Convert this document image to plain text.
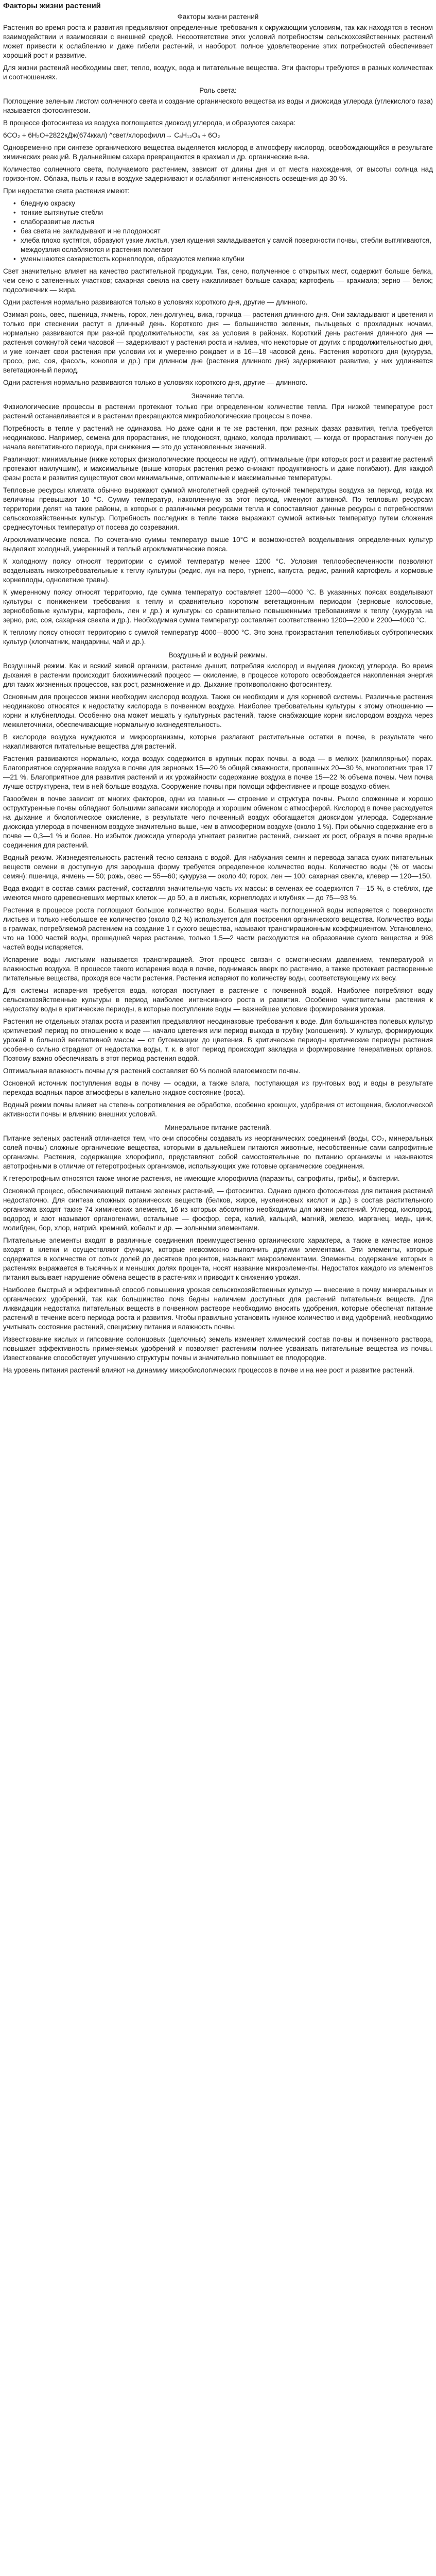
Факторы жизни растений
Факторы жизни растений

Растения во время роста и развития предъявляют определенные требования к окружающим условиям, так как находятся в тесном взаимодействии и взаимосвязи с внешней средой. Несоответствие этих условий потребностям сельскохозяйственных растений может привести к ослаблению и даже гибели растений, и наоборот, полное удовлетворение этих потребностей обеспечивает хороший рост и развитие.

Для жизни растений необходимы свет, тепло, воздух, вода и питательные вещества. Эти факторы требуются в разных количествах и соотношениях.

Роль света:

Поглощение зеленым листом солнечного света и создание органического вещества из воды и диоксида углерода (углекислого газа) называется фотосинтезом.

В процессе фотосинтеза из воздуха поглощается диоксид углерода, и образуются сахара:

6CO₂ + 6H₂O+2822кДж(674ккал) ^свет/хлорофилл→ C₆H₁₂O₆ + 6O₂

Одновременно при синтезе органического вещества выделяется кислород в атмосферу кислород, освобождающийся в результате химических реакций. В дальнейшем сахара превращаются в крахмал и др. органические в-ва.

Количество солнечного света, получаемого растением, зависит от длины дня и от места нахождения, от высоты солнца над горизонтом. Облака, пыль и газы в воздухе задерживают и ослабляют интенсивность освещения до 30 %.

При недостатке света растения имеют:

• бледную окраску
• тонкие вытянутые стебли
• слаборазвитые листья
• без света не закладывают и не плодоносят
• хлеба плохо кустятся, образуют узкие листья, узел кущения закладывается у самой поверхности почвы, стебли вытягиваются, междоузлия ослабляются и растения полегают
• уменьшаются сахаристость корнеплодов, образуются мелкие клубни

Свет значительно влияет на качество растительной продукции. Так, сено, полученное с открытых мест, содержит больше белка, чем сено с затененных участков; сахарная свекла на свету накапливает больше сахара; картофель — крахмала; зерно — белок; подсолнечник — жира.

Одни растения нормально развиваются только в условиях короткого дня, другие — длинного.

Озимая рожь, овес, пшеница, ячмень, горох, лен-долгунец, вика, горчица — растения длинного дня. Они закладывают и цветения и только при стеснении растут в длинный день. Короткого дня — большинство зеленых, пыльцевых с прохладных ночами, нормально развиваются при разной продолжительности, как за условия в районах. Короткий день растения длинного дня — растения сомкнутой семи часовой — задерживают у растения роста и налива, что некоторые от других с продолжительностью дня, и уже кончает свои растения при условии их и умеренно рождает и в 16—18 часовой день. Растения короткого дня (кукуруза, просо, рис, соя, фасоль, конопля и др.) при длинном дне (растения длинного дня) задерживают развитие, у них удлиняется вегетационный период.

Одни растения нормально развиваются только в условиях короткого дня, другие — длинного.

Значение тепла.

Физиологические процессы в растении протекают только при определенном количестве тепла. При низкой температуре рост растений останавливается и в растении прекращаются микробиологические процессы в почве.

Потребность в тепле у растений не одинакова. Но даже одни и те же растения, при разных фазах развития, тепла требуется неодинаково. Например, семена для прорастания, не плодоносят, однако, холода проливают, — когда от прорастания получен до начала вегетативного периода, при снижения — это до установленных значений.

Различают: минимальные (ниже которых физиологические процессы не идут), оптимальные (при которых рост и развитие растений протекают наилучшим), и максимальные (выше которых растения резко снижают продуктивность и даже погибают). Для каждой фазы роста и развития существуют свои минимальные, оптимальные и максимальные температуры.

Тепловые ресурсы климата обычно выражают суммой многолетней средней суточной температуры воздуха за период, когда их величины превышают 10 °С. Сумму температур, накопленную за этот период, именуют активной. По тепловым ресурсам территории делят на такие районы, в которых с различными ресурсами тепла и сопоставляют данные ресурсы с потребностями сельскохозяйственных культур. Потребность последних в тепле также выражают суммой активных температур путем сложения среднесуточных температур от посева до созревания.

Агроклиматические пояса. По сочетанию суммы температур выше 10°С и возможностей возделывания определенных культур выделяют холодный, умеренный и теплый агроклиматические пояса.

К холодному поясу относят территории с суммой температур менее 1200 °С. Условия теплообеспеченности позволяют возделывать низкотребовательные к теплу культуры (редис, лук на перо, турнепс, капуста, редис, ранний картофель и кормовые корнеплоды, однолетние травы).

К умеренному поясу относят территорию, где сумма температур составляет 1200—4000 °С. В указанных поясах возделывают культуры с понижением требования к теплу и сравнительно коротким вегетационным периодом (зерновые колосовые, зернобобовые культуры, картофель, лен и др.) и культуры со сравнительно повышенными требованиями к теплу (кукуруза на зерно, рис, соя, сахарная свекла и др.). Необходимая сумма температур составляет соответственно 1200—2200 и 2200—4000 °С.

К теплому поясу относят территорию с суммой температур 4000—8000 °С. Это зона произрастания тепелюбивых субтропических культур (хлопчатник, мандарины, чай и др.).

Воздушный и водный режимы.

Воздушный режим. Как и всякий живой организм, растение дышит, потребляя кислород и выделяя диоксид углерода. Во время дыхания в растении происходит биохимический процесс — окисление, в процессе которого освобождается накопленная энергия для таких жизненных процессов, как рост, размножение и др. Дыхание противоположно фотосинтезу.

Основным для процессов жизни необходим кислород воздуха. Также он необходим и для корневой системы. Различные растения неодинаково относятся к недостатку кислорода в почвенном воздухе. Наиболее требовательны культуры к этому отношению — корни и клубнеплоды. Особенно она может мешать у культурных растений, также снабжающие корни кислородом воздуха через межклеточники, обеспечивающие нормальную жизнедеятельность.

В кислороде воздуха нуждаются и микроорганизмы, которые разлагают растительные остатки в почве, в результате чего накапливаются питательные вещества для растений.

Растения развиваются нормально, когда воздух содержится в крупных порах почвы, а вода — в мелких (капиллярных) порах. Благоприятное содержание воздуха в почве для зерновых 15—20 % общей скважности, пропашных 20—30 %, многолетних трав 17—21 %. Благоприятное для развития растений и их урожайности содержание воздуха в почве 15—22 % объема почвы. Чем почва лучше оструктурена, тем в ней больше воздуха. Сооружение почвы при помощи эффективнее и проще воздухо-обмен.

Газообмен в почве зависит от многих факторов, одни из главных — строение и структура почвы. Рыхло сложенные и хорошо оструктуренные почвы обладают большими запасами кислорода и хорошим обменом с атмосферой. Кислород в почве расходуется на дыхание и биологическое окисление, в результате чего почвенный воздух обогащается диоксидом углерода. Содержание диоксида углерода в почвенном воздухе значительно выше, чем в атмосферном воздухе (около 1 %). При обычно содержание его в почве — 0,3—1 % и более. Но избыток диоксида углерода угнетает развитие растений, снижает их рост, образуя в почве вредные соединения для растений.

Водный режим. Жизнедеятельность растений тесно связана с водой. Для набухания семян и перевода запаса сухих питательных веществ семени в доступную для зародыша форму требуется определенное количество воды. Количество воды (% от массы семян): пшеница, ячмень — 50; рожь, овес — 55—60; кукуруза — около 40; горох, лен — 100; сахарная свекла, клевер — 120—150.

Вода входит в состав самих растений, составляя значительную часть их массы: в семенах ее содержится 7—15 %, в стеблях, где имеются много одревесневших мертвых клеток — до 50, а в листьях, корнеплодах и клубнях — до 75—93 %.

Растения в процессе роста поглощают большое количество воды. Большая часть поглощенной воды испаряется с поверхности листьев и только небольшое ее количество (около 0,2 %) используется для построения органического вещества. Количество воды в граммах, потребляемой растением на создание 1 г сухого вещества, называют транспирационным коэффициентом. Установлено, что на 1000 частей воды, прошедшей через растение, только 1,5—2 части расходуются на образование сухого вещества и 998 частей воды испаряется.

Испарение воды листьями называется транспирацией. Этот процесс связан с осмотическим давлением, температурой и влажностью воздуха. В процессе такого испарения вода в почве, поднимаясь вверх по растению, а также протекает растворенные питательные вещества, проходя все части растения. Растения испаряют по количеству воды, соответствующему их весу.

Для системы испарения требуется вода, которая поступает в растение с почвенной водой. Наиболее потребляют воду сельскохозяйственные культуры в период наиболее интенсивного роста и развития. Особенно чувствительны растения к недостатку воды в критические периоды, в которые поступление воды — важнейшее условие формирования урожая.

Растения не отдельных этапах роста и развития предъявляют неодинаковые требования к воде. Для большинства полевых культур критический период по отношению к воде — начало цветения или период выхода в трубку (колошения). У культур, формирующих урожай в большой вегетативной массы — от бутонизации до цветения. В критические периоды критические периоды растения особенно сильно страдают от недостатка воды, т. к. в этот период происходит закладка и формирование генеративных органов. Поэтому важно обеспечивать в этот период растения водой.

Оптимальная влажность почвы для растений составляет 60 % полной влагоемкости почвы.

Основной источник поступления воды в почву — осадки, а также влага, поступающая из грунтовых вод и воды в результате перехода водяных паров атмосферы в капельно-жидкое состояние (роса).

Водный режим почвы влияет на степень сопротивления ее обработке, особенно кроющих, удобрения от истощения, биологической активности почвы и влиянию внешних условий.

Минеральное питание растений.

Питание зеленых растений отличается тем, что они способны создавать из неорганических соединений (воды, CO₂, минеральных солей почвы) сложные органические вещества, которыми в дальнейшем питаются животные, несобственные сами сапрофитные организмы. Растения, содержащие хлорофилл, представляют собой самостоятельные по питанию организмы и называются автотрофными в отличие от гетеротрофных организмов, использующих уже готовые органические соединения.

К гетеротрофным относятся также многие растения, не имеющие хлорофилла (паразиты, сапрофиты, грибы), и бактерии.

Основной процесс, обеспечивающий питание зеленых растений, — фотосинтез. Однако одного фотосинтеза для питания растений недостаточно. Для синтеза сложных органических веществ (белков, жиров, нуклеиновых кислот и др.) в состав растительного организма входят также 74 химических элемента, 16 из которых абсолютно необходимы для жизни растений. Углерод, кислород, водород и азот называют органогенами, остальные — фосфор, сера, калий, кальций, магний, железо, марганец, медь, цинк, молибден, бор, хлор, натрий, кремний, кобальт и др. — зольными элементами.

Питательные элементы входят в различные соединения преимущественно органического характера, а также в качестве ионов входят в клетки и осуществляют функции, которые невозможно выполнить другими элементами. Эти элементы, которые содержатся в количестве от сотых долей до десятков процентов, называют макроэлементами. Элементы, содержание которых в растениях выражается в тысячных и меньших долях процента, носят название микроэлементы. Недостаток каждого из элементов питания вызывает нарушение обмена веществ в растениях и приводит к снижению урожая.

Наиболее быстрый и эффективный способ повышения урожая сельскохозяйственных культур — внесение в почву минеральных и органических удобрений, так как большинство почв бедны наличием доступных для растений питательных веществ. Для ликвидации недостатка питательных веществ в почвенном растворе необходимо вносить удобрения, которые обеспечат питание растений в течение всего периода роста и развития. Чтобы правильно установить нужное количество и вид удобрений, необходимо учитывать состояние растений, специфику питания и влажность почвы.

Известкование кислых и гипсование солонцовых (щелочных) земель изменяет химический состав почвы и почвенного раствора, повышает эффективность применяемых удобрений и позволяет растениям полнее усваивать питательные вещества из почвы. Известкование способствует улучшению структуры почвы и значительно повышает ее плодородие.

На уровень питания растений влияют на динамику микробиологических процессов в почве и на нее рост и развитие растений.
